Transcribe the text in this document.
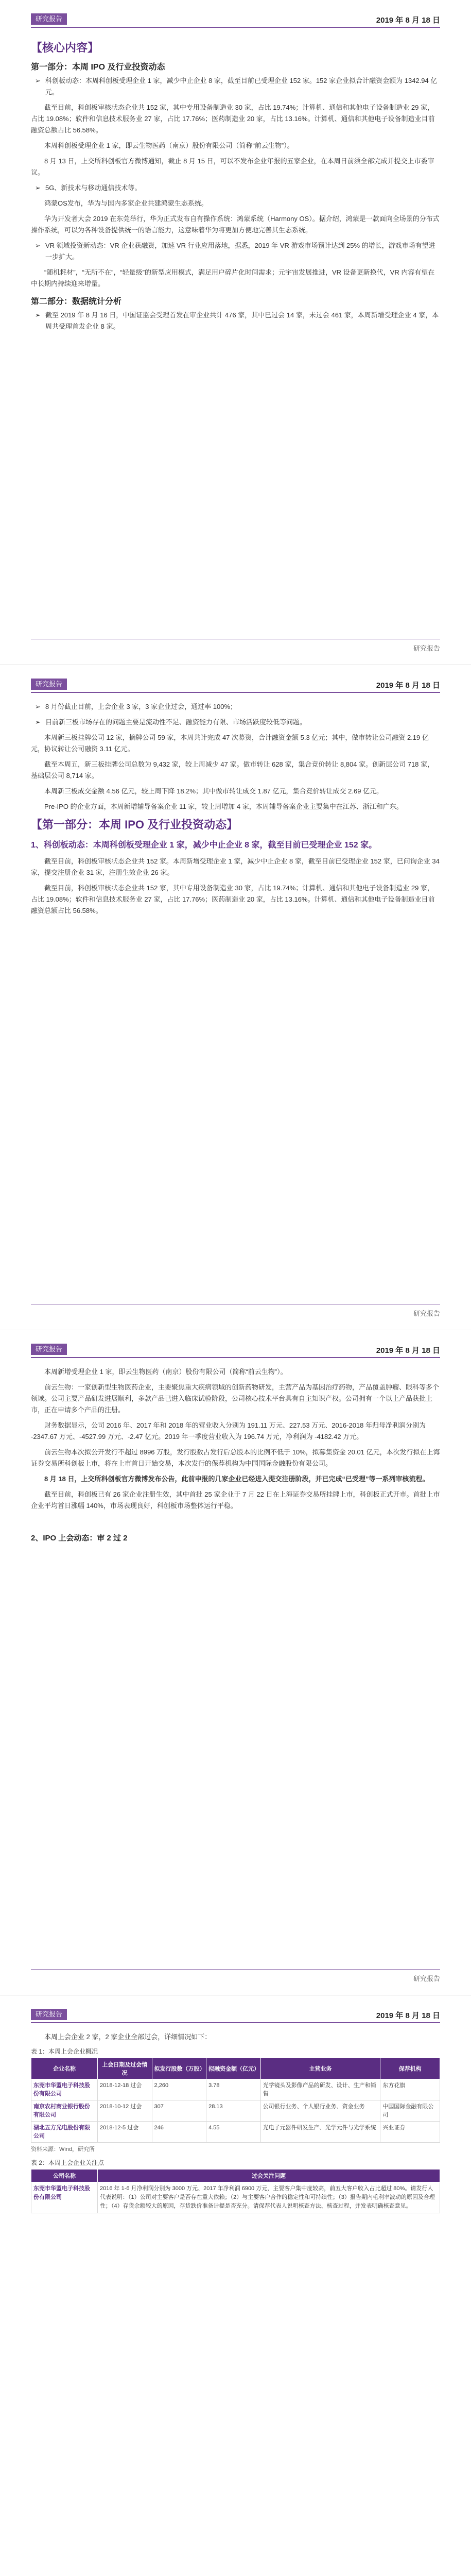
研究报告	2019 年 8 月 18 日
【核心内容】
第一部分：本周 IPO 及行业投资动态

➢ 科创板动态：本周科创板受理企业 1 家，减少中止企业 8 家，截至目前已受理企业 152 家。152 家企业拟合计融资金额为 1342.94 亿元。

截至目前，科创板审核状态企业共 152 家，其中专用设备制造业 30 家，占比 19.74%；计算机、通信和其他电子设备制造业 29 家，占比 19.08%；软件和信息技术服务业 27 家，占比 17.76%；医药制造业 20 家，占比 13.16%。计算机、通信和其他电子设备制造业目前融资总额占比 56.58%。

本周科创板受理企业 1 家，即云生物医药（南京）股份有限公司（简称“前云生物”）。

8 月 13 日，上交所科创板官方微博通知，截止 8 月 15 日，可以不发布企业年报的五家企业，在本周日前须全部完成并提交上市委审议。

➢ 5G、新技术与移动通信技术等。

鸿蒙OS发布，华为与国内多家企业共建鸿蒙生态系统。

华为开发者大会 2019 在东莞举行，华为正式发布自有操作系统：鸿蒙系统（Harmony OS）。据介绍，鸿蒙是一款面向全场景的分布式操作系统，可以为各种设备提供统一的语言能力，这意味着华为将更加方便地完善其生态系统。

➢ VR 领域投资新动态：VR 企业获融资，加速 VR 行业应用落地，据悉，2019 年 VR 游戏市场预计达到 25% 的增长，游戏市场有望进一步扩大。

“随机耗材”，“无所不在”，“轻量级”的新型应用模式，满足用户碎片化时间需求；元宇宙发展推进，VR 设备更新换代，VR 内容有望在中长期内持续迎来增量。

第二部分：数据统计分析

➢ 截至 2019 年 8 月 16 日，中国证监会受理首发在审企业共计 476 家，其中已过会 14 家，未过会 461 家，本周新增受理企业 4 家，本周共受理首发企业 8 家。

研究报告
研究报告	2019 年 8 月 18 日

➢ 8 月份截止目前，上会企业 3 家，3 家企业过会，通过率 100%；

➢ 目前新三板市场存在的问题主要是流动性不足、融资能力有限、市场活跃度较低等问题。

本周新三板挂牌公司 12 家，摘牌公司 59 家，本周共计完成 47 次募资，合计融资金额 5.3 亿元；其中，做市转让公司融资 2.19 亿元，协议转让公司融资 3.11 亿元。

截至本周五，新三板挂牌公司总数为 9,432 家，较上周减少 47 家。做市转让 628 家，集合竞价转让 8,804 家。创新层公司 718 家，基础层公司 8,714 家。

本周新三板成交金额 4.56 亿元，较上周下降 18.2%；其中做市转让成交 1.87 亿元，集合竞价转让成交 2.69 亿元。

Pre-IPO 的企业方面，本周新增辅导备案企业 11 家，较上周增加 4 家，本周辅导备案企业主要集中在江苏、浙江和广东。

【第一部分：本周 IPO 及行业投资动态】
1、科创板动态：本周科创板受理企业 1 家，减少中止企业 8 家，截至目前已受理企业 152 家。

截至目前，科创板审核状态企业共 152 家。本周新增受理企业 1 家，减少中止企业 8 家，截至目前已受理企业 152 家，已问询企业 34 家，提交注册企业 31 家，注册生效企业 26 家。

截至目前，科创板审核状态企业共 152 家，其中专用设备制造业 30 家，占比 19.74%；计算机、通信和其他电子设备制造业 29 家，占比 19.08%；软件和信息技术服务业 27 家，占比 17.76%；医药制造业 20 家，占比 13.16%。计算机、通信和其他电子设备制造业目前融资总额占比 56.58%。

研究报告
研究报告	2019 年 8 月 18 日

本周新增受理企业 1 家，即云生物医药（南京）股份有限公司（简称“前云生物”）。

前云生物：一家创新型生物医药企业，主要聚焦重大疾病领域的创新药物研发，主营产品为基因治疗药物，产品覆盖肿瘤、眼科等多个领域。公司主要产品研发进展顺利，多款产品已进入临床试验阶段，公司核心技术平台具有自主知识产权。公司拥有一个以上产品获批上市，正在申请多个产品的注册。

财务数据显示，公司 2016 年、2017 年和 2018 年的营业收入分别为 191.11 万元、227.53 万元、2016-2018 年归母净利润分别为 -2347.67 万元、-4527.99 万元、-2.47 亿元。2019 年一季度营业收入为 196.74 万元，净利润为 -4182.42 万元。

前云生物本次拟公开发行不超过 8996 万股，发行股数占发行后总股本的比例不低于 10%，拟募集资金 20.01 亿元，本次发行拟在上海证券交易所科创板上市，将在上市首日开始交易，本次发行的保荐机构为中国国际金融股份有限公司。

8 月 18 日，上交所科创板官方微博发布公告，此前申报的几家企业已经进入提交注册阶段，并已完成“已受理”等一系列审核流程。

截至目前，科创板已有 26 家企业注册生效，其中首批 25 家企业于 7 月 22 日在上海证券交易所挂牌上市，科创板正式开市。首批上市企业平均首日涨幅 140%，市场表现良好，科创板市场整体运行平稳。

2、IPO 上会动态：审 2 过 2
研究报告
研究报告	2019 年 8 月 18 日

本周上会企业 2 家，2 家企业全部过会，详细情况如下：

表 1：本周上会企业概况
企业名称	上会日期及过会情况	拟发行股数（万股）	拟融资金额（亿元）	主营业务	保荐机构
东莞市华盟电子科技股份有限公司	2018-12-18 过会	2,260	3.78	光学镜头及影像产品的研发、设计、生产和销售	东方花旗
南京农村商业银行股份有限公司	2018-10-12 过会	307	28.13	公司银行业务、个人银行业务、资金业务	中国国际金融有限公司
湖北五方光电股份有限公司	2018-12-5 过会	246	4.55	光电子元器件研发生产、光学元件与光学系统	兴业证券
资料来源：Wind，研究所
表 2：本周上会企业关注点
公司名称	过会关注问题
东莞市华盟电子科技股份有限公司	2016 年 1-6 月净利润分别为 3000 万元、2017 年净利润 6900 万元，主要客户集中度较高，前五大客户收入占比超过 80%。请发行人代表说明：（1）公司对主要客户是否存在重大依赖；（2）与主要客户合作的稳定性和可持续性；（3）报告期内毛利率波动的原因及合理性；（4）存货余额较大的原因，存货跌价准备计提是否充分。请保荐代表人说明核查方法、核查过程，并发表明确核查意见。
